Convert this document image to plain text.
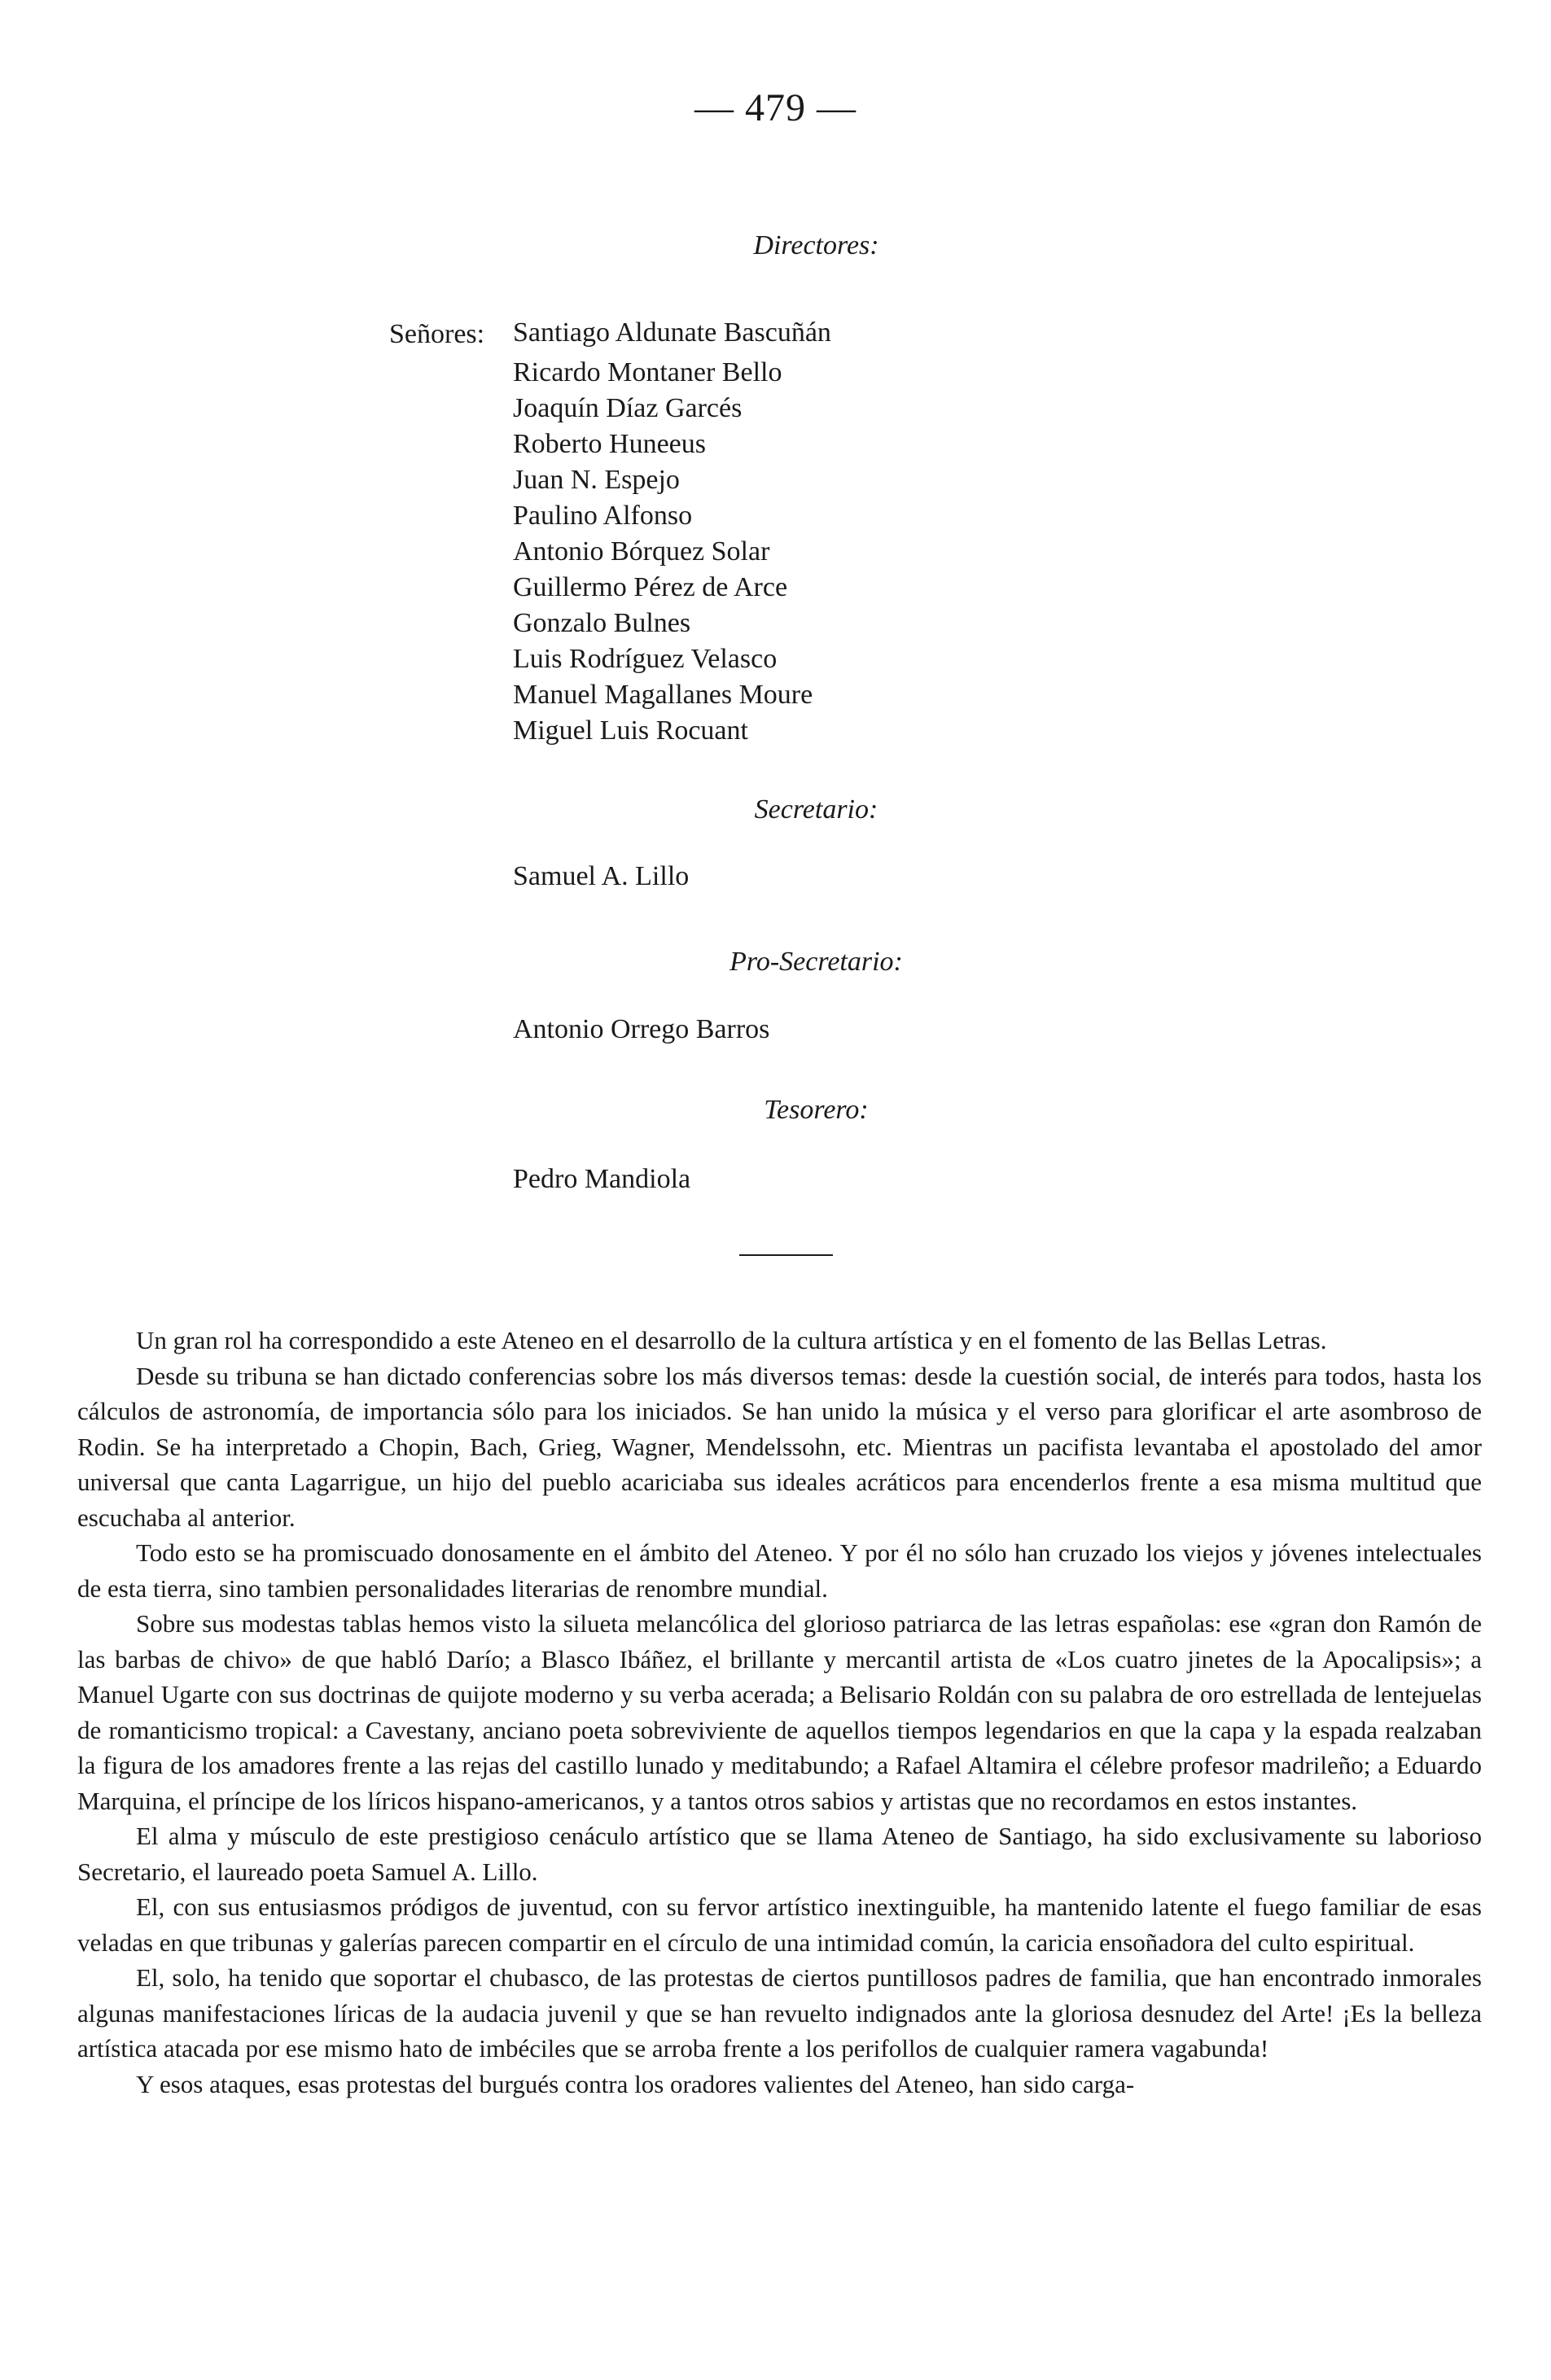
— 479 —
Directores:
Señores: Santiago Aldunate Bascuñán
Ricardo Montaner Bello
Joaquín Díaz Garcés
Roberto Huneeus
Juan N. Espejo
Paulino Alfonso
Antonio Bórquez Solar
Guillermo Pérez de Arce
Gonzalo Bulnes
Luis Rodríguez Velasco
Manuel Magallanes Moure
Miguel Luis Rocuant
Secretario:
Samuel A. Lillo
Pro-Secretario:
Antonio Orrego Barros
Tesorero:
Pedro Mandiola

Un gran rol ha correspondido a este Ateneo en el desarrollo de la cultura artística y en el fomento de las Bellas Letras.

Desde su tribuna se han dictado conferencias sobre los más diversos temas: desde la cuestión social, de interés para todos, hasta los cálculos de astronomía, de importancia sólo para los iniciados. Se han unido la música y el verso para glorificar el arte asombroso de Rodin. Se ha interpretado a Chopin, Bach, Grieg, Wagner, Mendelssohn, etc. Mientras un pacifista levantaba el apostolado del amor universal que canta Lagarrigue, un hijo del pueblo acariciaba sus ideales acráticos para encenderlos frente a esa misma multitud que escuchaba al anterior.

Todo esto se ha promiscuado donosamente en el ámbito del Ateneo. Y por él no sólo han cruzado los viejos y jóvenes intelectuales de esta tierra, sino tambien personalidades literarias de renombre mundial.

Sobre sus modestas tablas hemos visto la silueta melancólica del glorioso patriarca de las letras españolas: ese «gran don Ramón de las barbas de chivo» de que habló Darío; a Blasco Ibáñez, el brillante y mercantil artista de «Los cuatro jinetes de la Apocalipsis»; a Manuel Ugarte con sus doctrinas de quijote moderno y su verba acerada; a Belisario Roldán con su palabra de oro estrellada de lentejuelas de romanticismo tropical: a Cavestany, anciano poeta sobreviviente de aquellos tiempos legendarios en que la capa y la espada realzaban la figura de los amadores frente a las rejas del castillo lunado y meditabundo; a Rafael Altamira el célebre profesor madrileño; a Eduardo Marquina, el príncipe de los líricos hispano-americanos, y a tantos otros sabios y artistas que no recordamos en estos instantes.

El alma y músculo de este prestigioso cenáculo artístico que se llama Ateneo de Santiago, ha sido exclusivamente su laborioso Secretario, el laureado poeta Samuel A. Lillo.

El, con sus entusiasmos pródigos de juventud, con su fervor artístico inextinguible, ha mantenido latente el fuego familiar de esas veladas en que tribunas y galerías parecen compartir en el círculo de una intimidad común, la caricia ensoñadora del culto espiritual.

El, solo, ha tenido que soportar el chubasco, de las protestas de ciertos puntillosos padres de familia, que han encontrado inmorales algunas manifestaciones líricas de la audacia juvenil y que se han revuelto indignados ante la gloriosa desnudez del Arte! ¡Es la belleza artística atacada por ese mismo hato de imbéciles que se arroba frente a los perifollos de cualquier ramera vagabunda!

Y esos ataques, esas protestas del burgués contra los oradores valientes del Ateneo, han sido carga-
